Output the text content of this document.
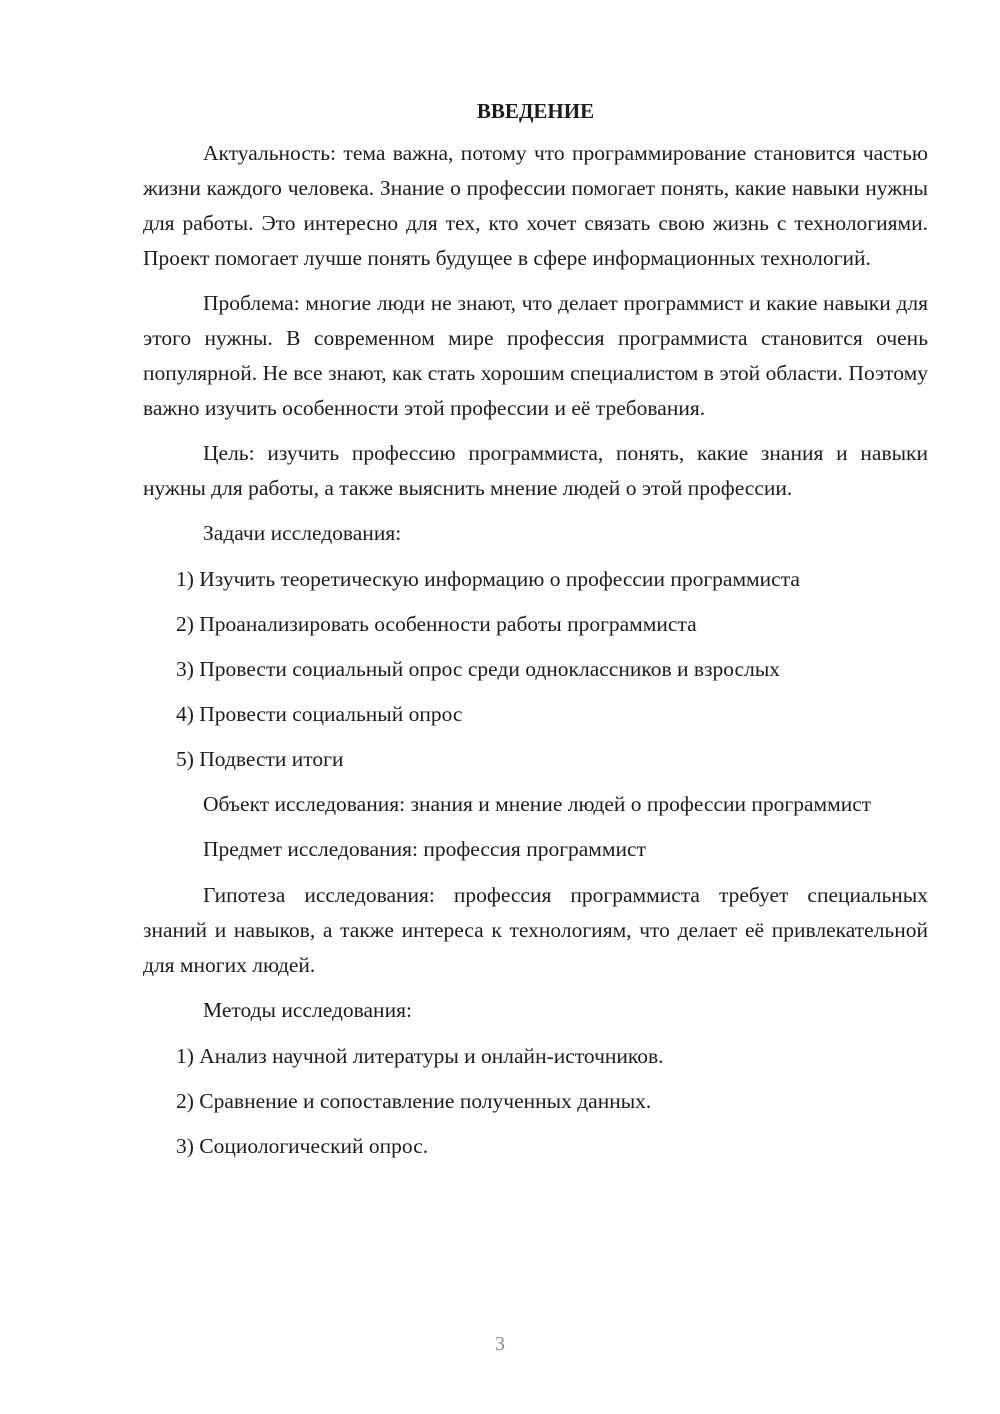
ВВЕДЕНИЕ

Актуальность: тема важна, потому что программирование становится частью жизни каждого человека. Знание о профессии помогает понять, какие навыки нужны для работы. Это интересно для тех, кто хочет связать свою жизнь с технологиями. Проект помогает лучше понять будущее в сфере информационных технологий.

Проблема: многие люди не знают, что делает программист и какие навыки для этого нужны. В современном мире профессия программиста становится очень популярной. Не все знают, как стать хорошим специалистом в этой области. Поэтому важно изучить особенности этой профессии и её требования.

Цель: изучить профессию программиста, понять, какие знания и навыки нужны для работы, а также выяснить мнение людей о этой профессии.

Задачи исследования:

1) Изучить теоретическую информацию о профессии программиста
2) Проанализировать особенности работы программиста
3) Провести социальный опрос среди одноклассников и взрослых
4) Провести социальный опрос
5) Подвести итоги

Объект исследования: знания и мнение людей о профессии программист

Предмет исследования: профессия программист

Гипотеза исследования: профессия программиста требует специальных знаний и навыков, а также интереса к технологиям, что делает её привлекательной для многих людей.

Методы исследования:

1) Анализ научной литературы и онлайн-источников.
2) Сравнение и сопоставление полученных данных.
3) Социологический опрос.
3
